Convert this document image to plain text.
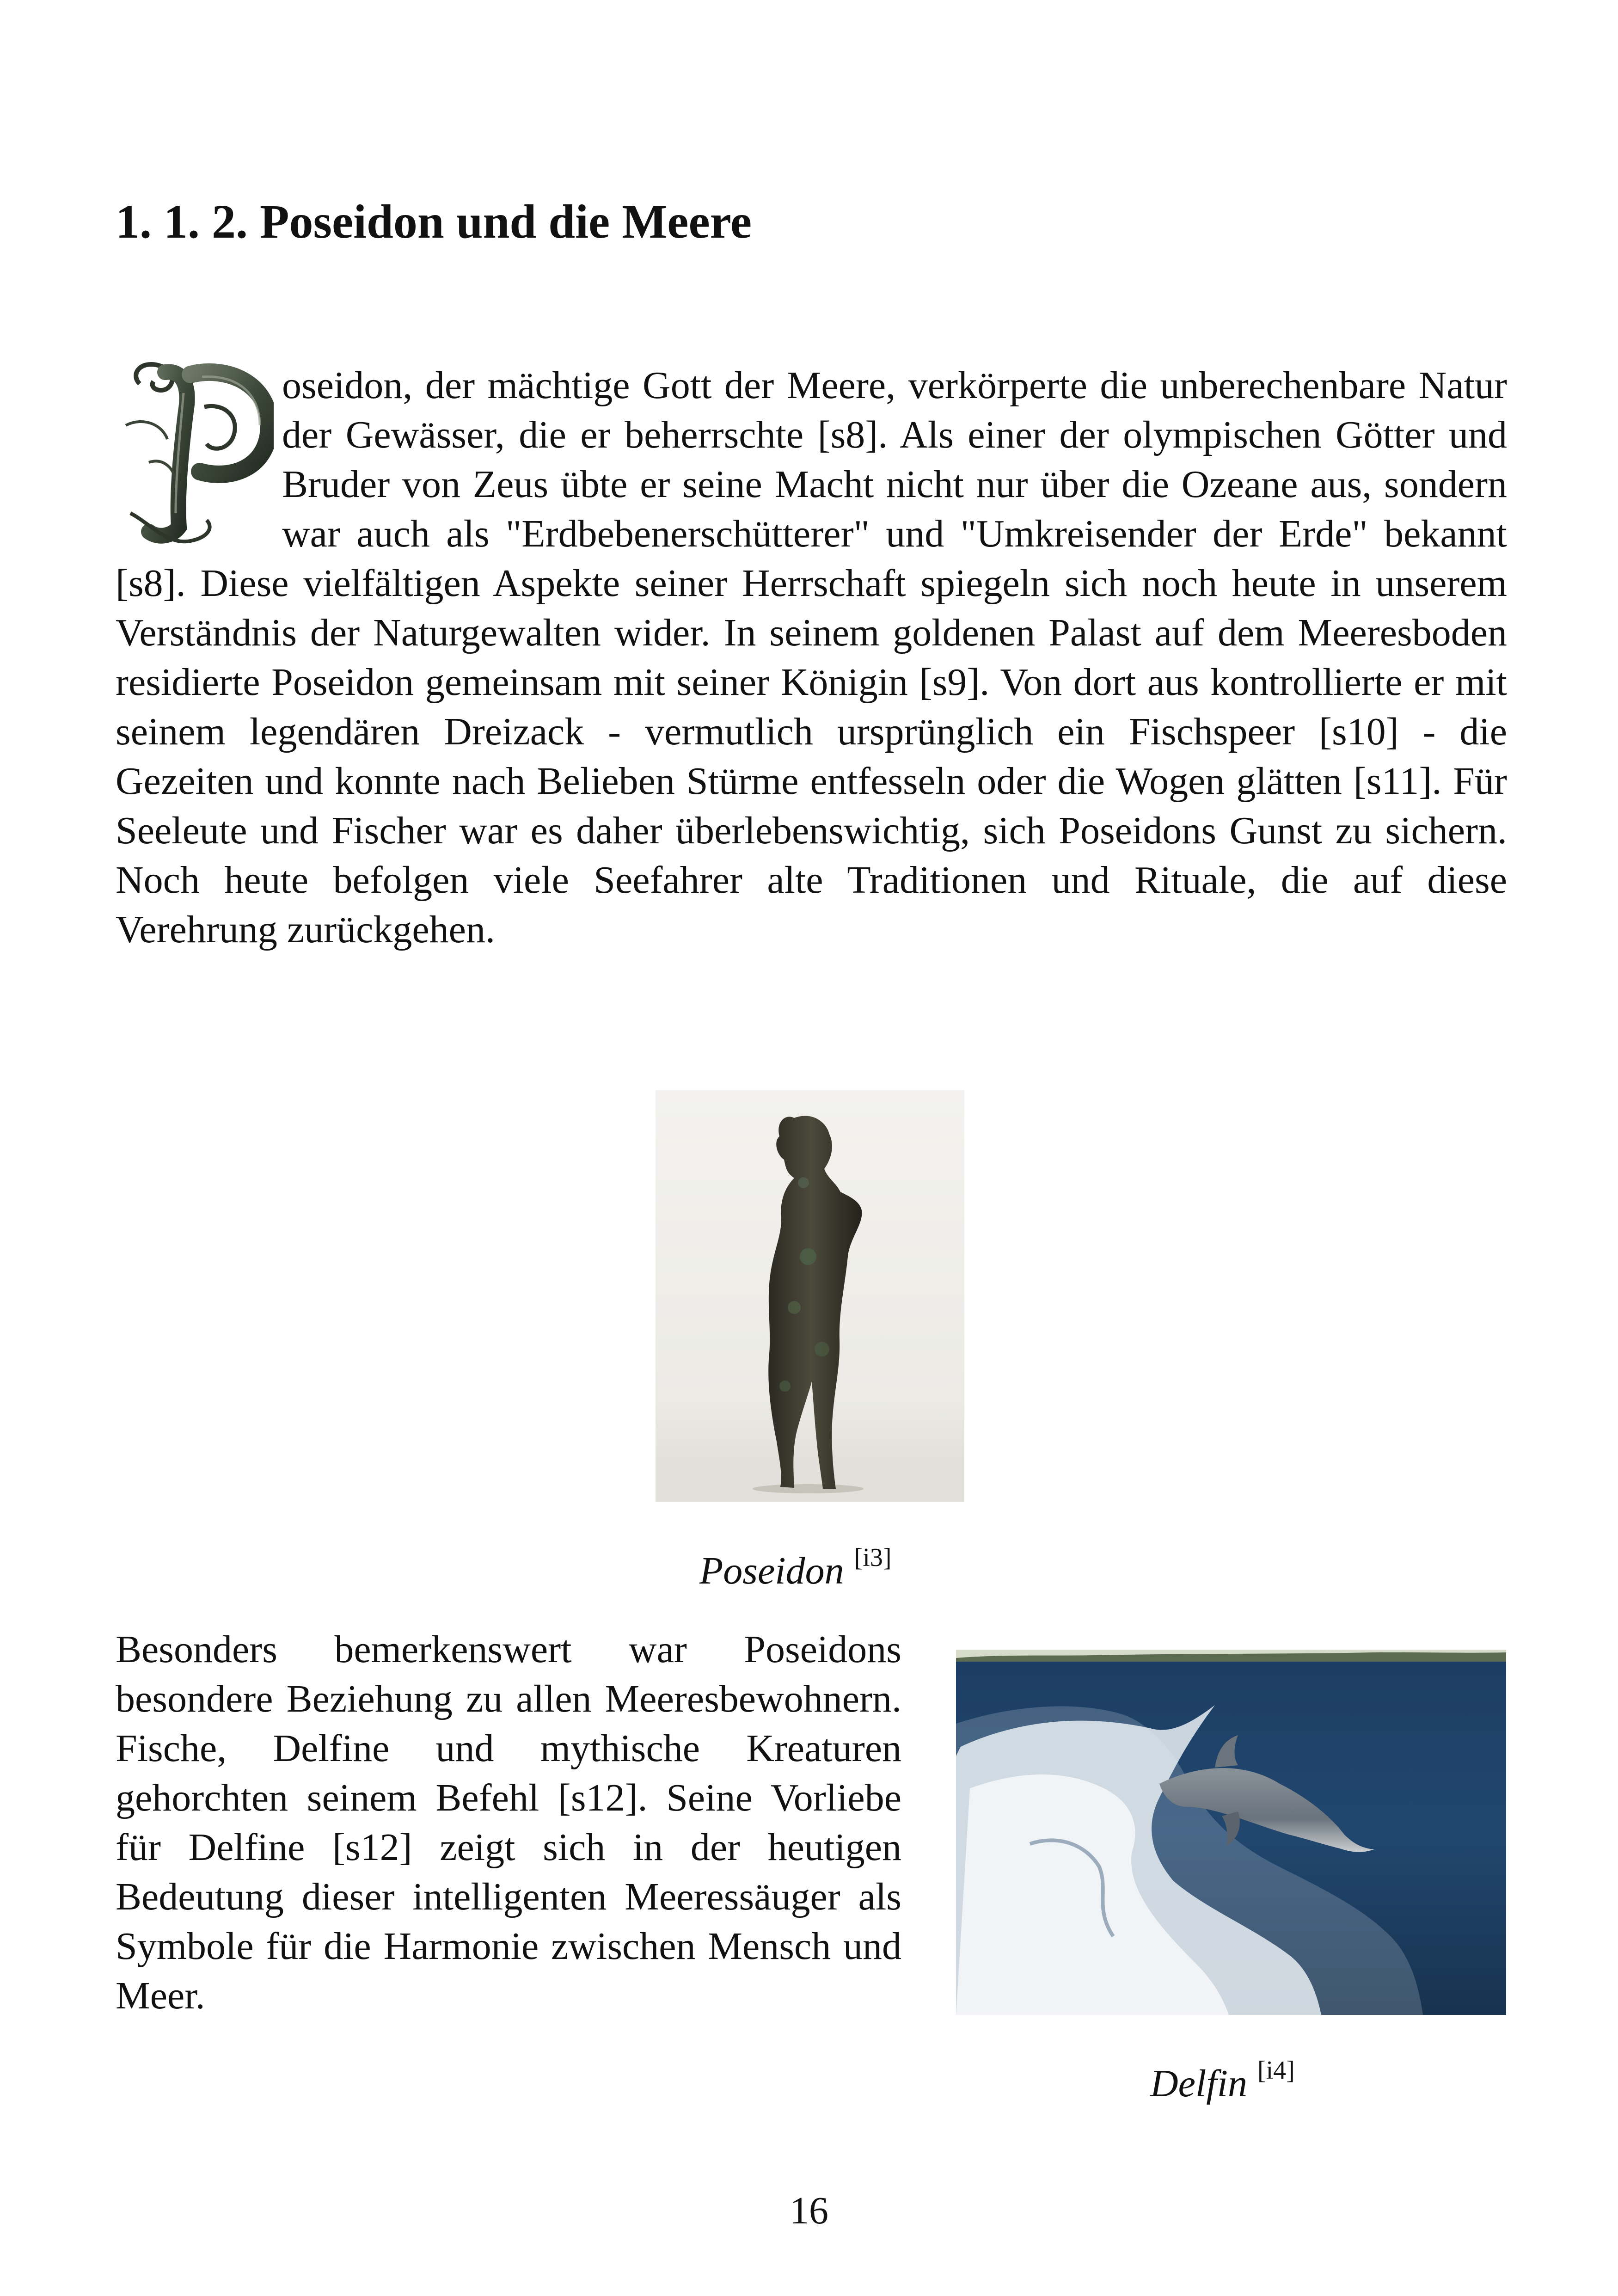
1. 1. 2. Poseidon und die Meere

oseidon, der mächtige Gott der Meere, verkörperte die unberechenbare Natur der Gewässer, die er beherrschte [s8]. Als einer der olympischen Götter und Bruder von Zeus übte er seine Macht nicht nur über die Ozeane aus, sondern war auch als "Erdbebenerschütterer" und "Umkreisender der Erde" bekannt [s8]. Diese vielfältigen Aspekte seiner Herrschaft spiegeln sich noch heute in unserem Verständnis der Naturgewalten wider. In seinem goldenen Palast auf dem Meeresboden residierte Poseidon gemeinsam mit seiner Königin [s9]. Von dort aus kontrollierte er mit seinem legendären Dreizack - vermutlich ursprünglich ein Fischspeer [s10] - die Gezeiten und konnte nach Belieben Stürme entfesseln oder die Wogen glätten [s11]. Für Seeleute und Fischer war es daher überlebenswichtig, sich Poseidons Gunst zu sichern. Noch heute befolgen viele Seefahrer alte Traditionen und Rituale, die auf diese Verehrung zurückgehen.

Poseidon [i3]

Besonders bemerkenswert war Poseidons besondere Beziehung zu allen Meeresbewohnern. Fische, Delfine und mythische Kreaturen gehorchten seinem Befehl [s12]. Seine Vorliebe für Delfine [s12] zeigt sich in der heutigen Bedeutung dieser intelligenten Meeressäuger als Symbole für die Harmonie zwischen Mensch und Meer.

Delfin [i4]
16
